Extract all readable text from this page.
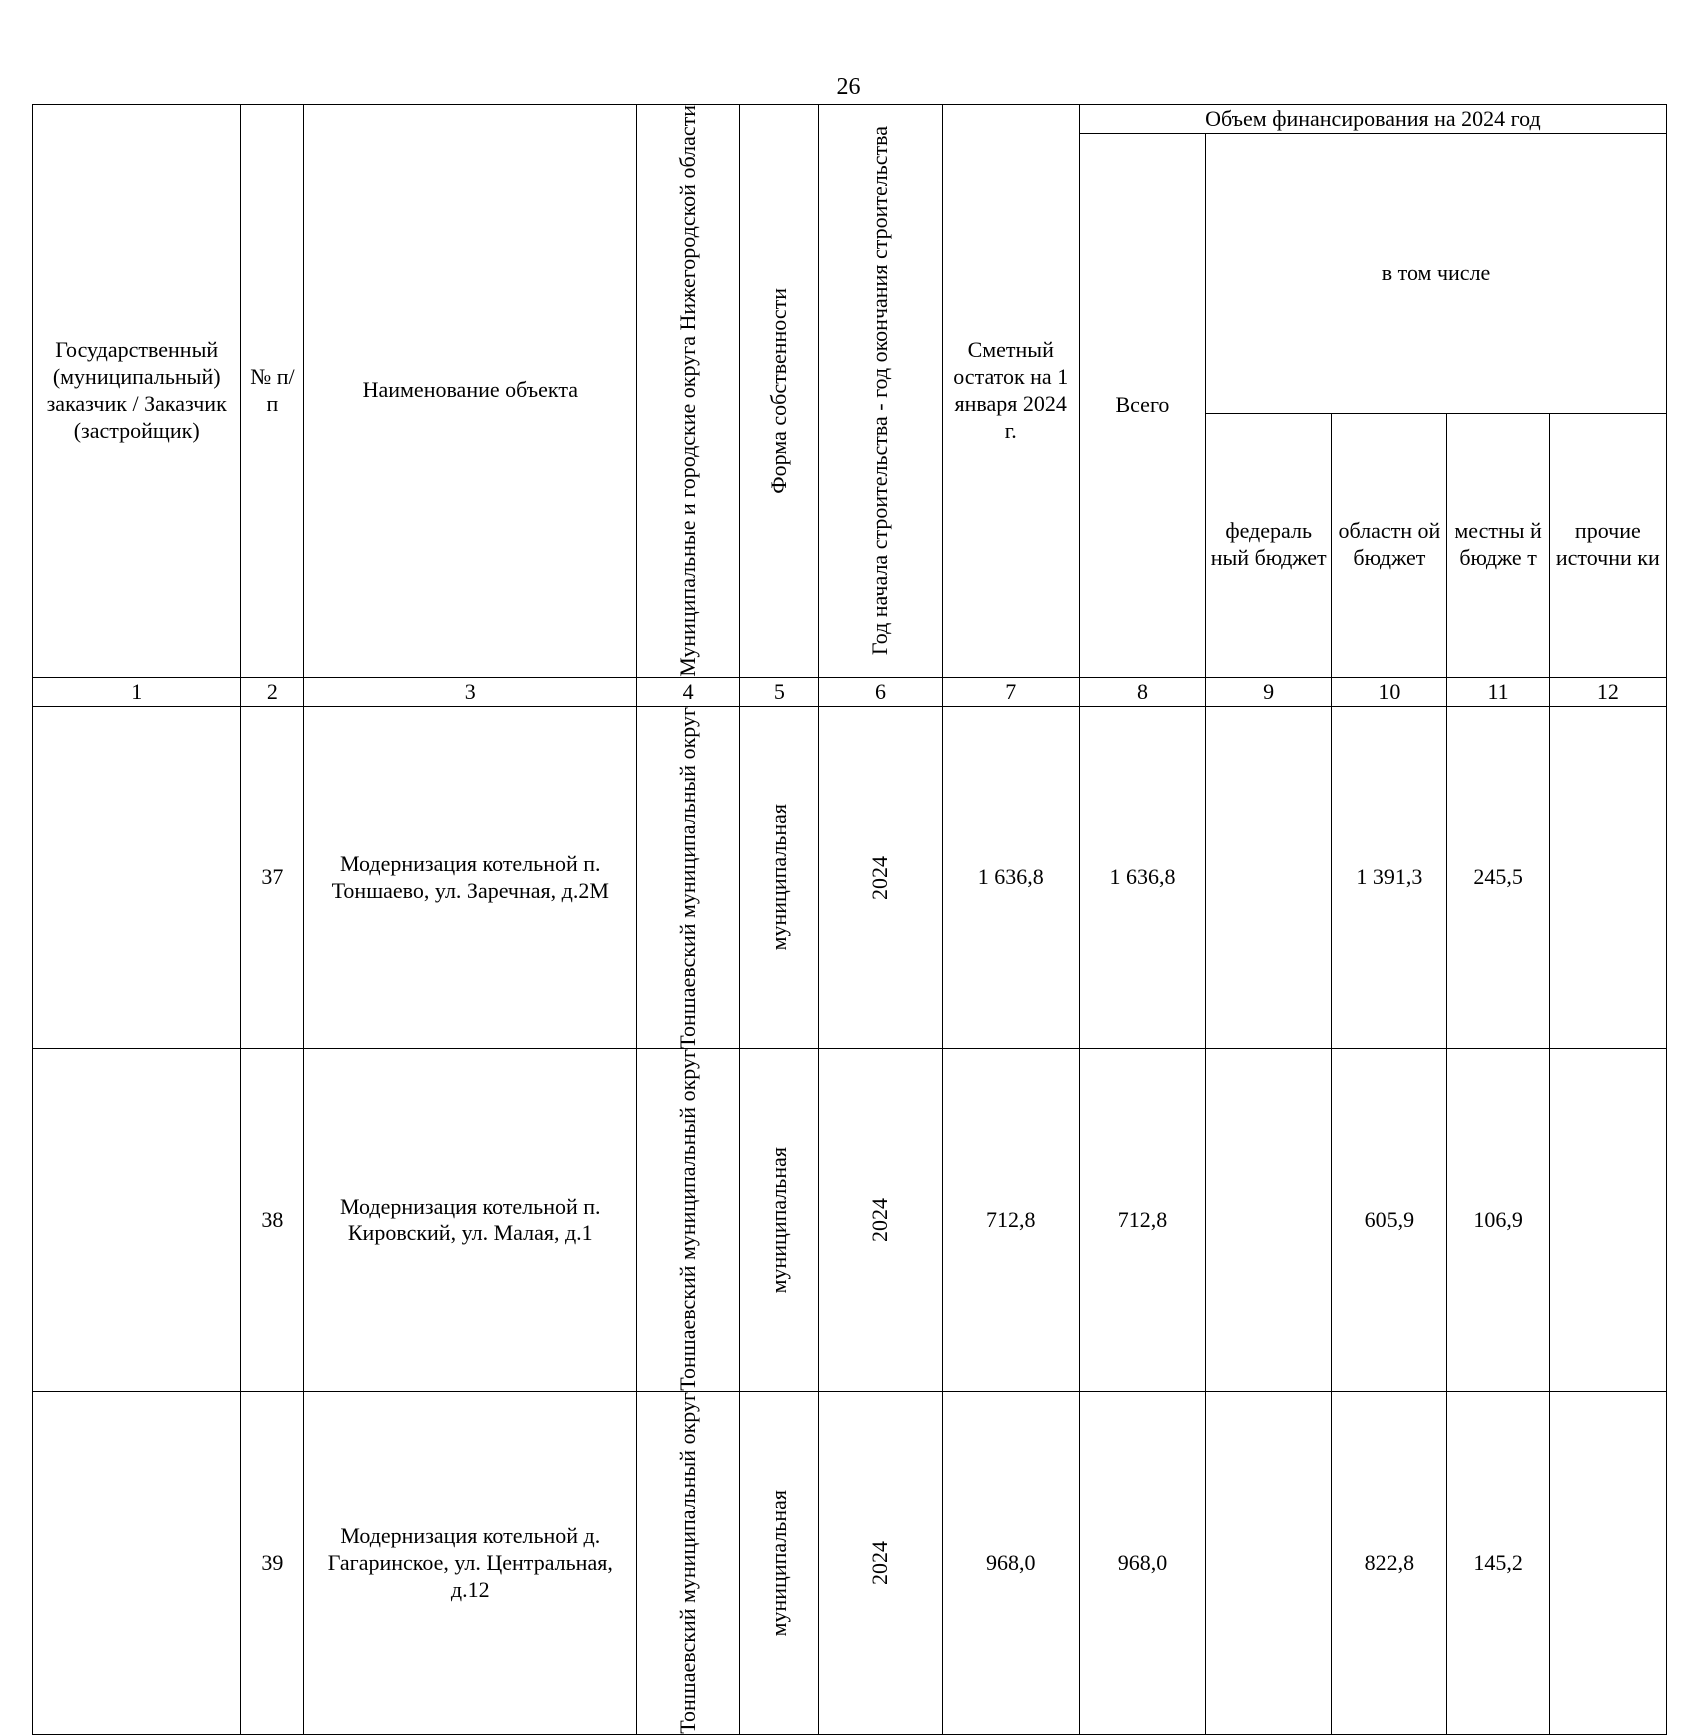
26
Государственный (муниципальный) заказчик / Заказчик (застройщик)	№ п/п	Наименование объекта	Муниципальные и городские округа Нижегородской области	Форма собственности	Год начала строительства - год окончания строительства	Сметный остаток на 1 января 2024 г.	Объем финансирования на 2024 год				
							Всего	в том числе			
								федераль ный бюджет	областн ой бюджет	местны й бюдже т	прочие источни ки
1	2	3	4	5	6	7	8	9	10	11	12
	37	Модернизация котельной п. Тоншаево, ул. Заречная, д.2М	Тоншаевский муниципальный округ	муниципальная	2024	1 636,8	1 636,8		1 391,3	245,5	
	38	Модернизация котельной п. Кировский, ул. Малая, д.1	Тоншаевский муниципальный округ	муниципальная	2024	712,8	712,8		605,9	106,9	
	39	Модернизация котельной д. Гагаринское, ул. Центральная, д.12	Тоншаевский муниципальный округ	муниципальная	2024	968,0	968,0		822,8	145,2	
